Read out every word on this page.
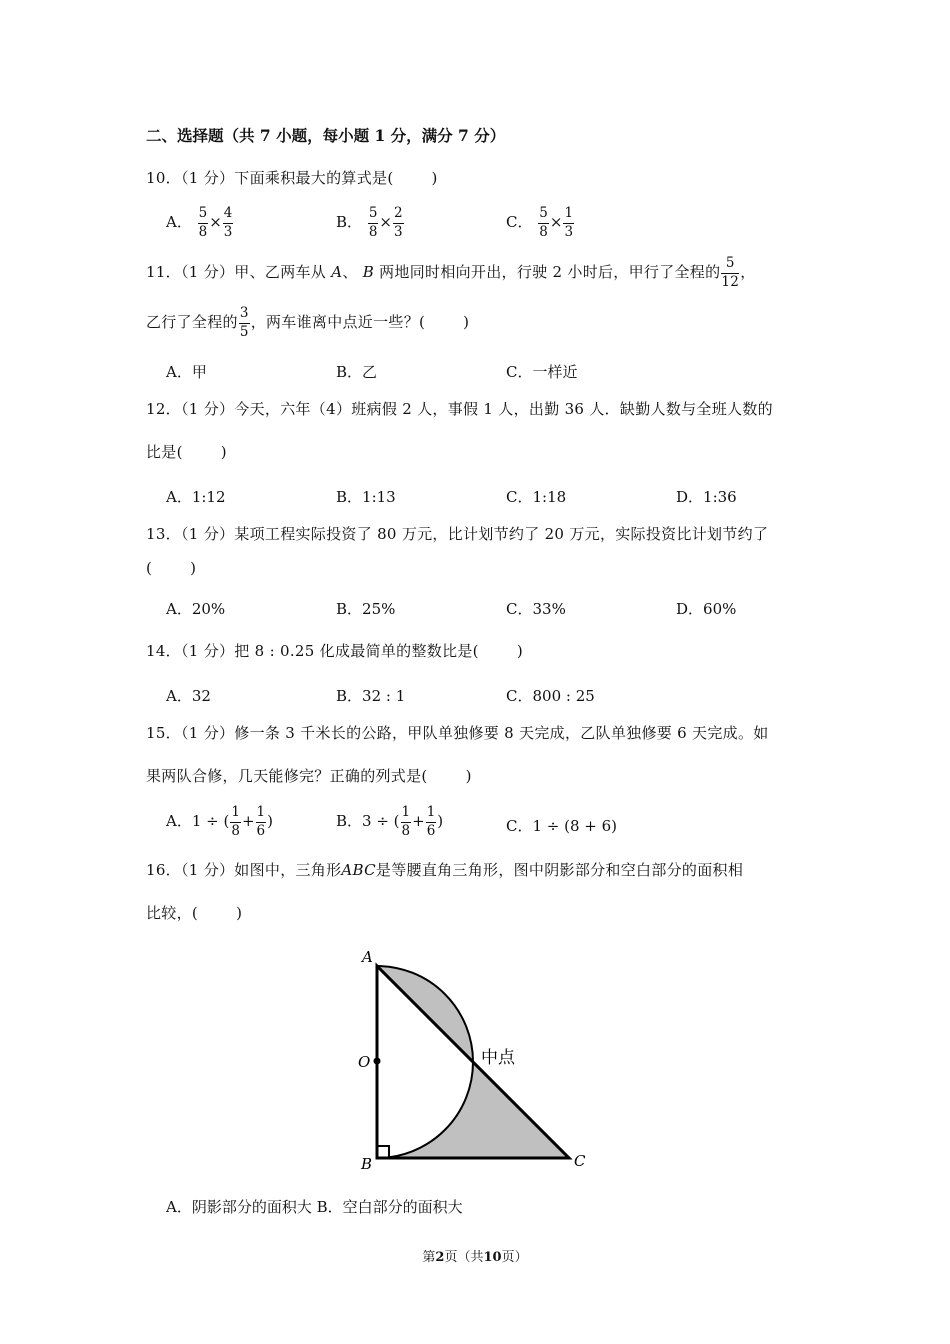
二、选择题（共 7 小题，每小题 1 分，满分 7 分）
10．（1 分）下面乘积最大的算式是(	)
A． $\frac{5}{8} \times \frac{4}{3}$	B． $\frac{5}{8} \times \frac{2}{3}$	C． $\frac{5}{8} \times \frac{1}{3}$
11．（1 分）甲、乙两车从 A、 B 两地同时相向开出，行驶 2 小时后，甲行了全程的 $\frac{5}{12}$ ，
乙行了全程的 $\frac{3}{5}$ ，两车谁离中点近一些？(	)
A．甲	B．乙	C．一样近
12．（1 分）今天，六年（4）班病假 2 人，事假 1 人，出勤 36 人．缺勤人数与全班人数的
比是(	)
A．1:12	B．1:13	C．1:18	D．1:36
13．（1 分）某项工程实际投资了 80 万元，比计划节约了 20 万元，实际投资比计划节约了
(	)
A．20%	B．25%	C．33%	D．60%
14．（1 分）把 8 : 0.25 化成最简单的整数比是(	)
A．32	B．32 : 1	C．800 : 25
15．（1 分）修一条 3 千米长的公路，甲队单独修要 8 天完成，乙队单独修要 6 天完成。如
果两队合修，几天能修完？正确的列式是(	)
A．1 ÷ ( $\frac{1}{8} + \frac{1}{6}$ )	B．3 ÷ ( $\frac{1}{8} + \frac{1}{6}$ )	C．1 ÷ (8 + 6)
16．（1 分）如图中，三角形ABC是等腰直角三角形，图中阴影部分和空白部分的面积相
比较，(	)
A
O
B	C
中点
A．阴影部分的面积大 B．空白部分的面积大
第2页（共10页）
